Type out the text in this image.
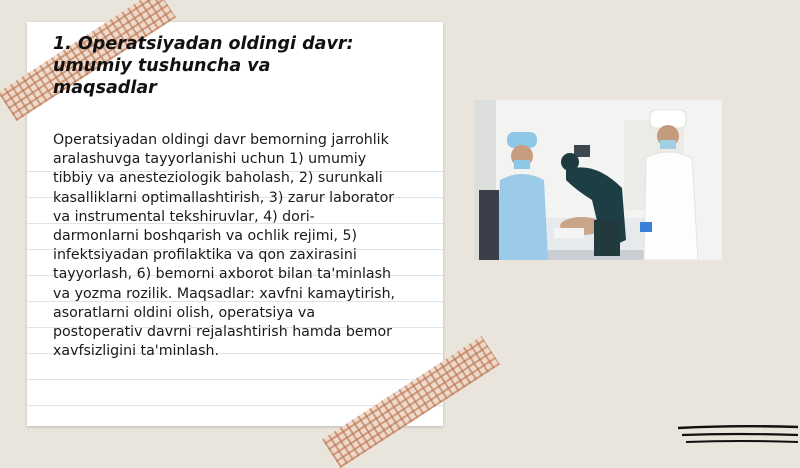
1. Operatsiyadan oldingi davr:
umumiy tushuncha va maqsadlar
Operatsiyadan oldingi davr bemorning jarrohlik aralashuvga tayyorlanishi uchun 1) umumiy tibbiy va anesteziologik baholash, 2) surunkali kasalliklarni optimallashtirish, 3) zarur laborator va instrumental tekshiruvlar, 4) dori-darmonlarni boshqarish va ochlik rejimi, 5) infektsiyadan profilaktika va qon zaxirasini tayyorlash, 6) bemorni axborot bilan ta'minlash va yozma rozilik. Maqsadlar: xavfni kamaytirish, asoratlarni oldini olish, operatsiya va postoperativ davrni rejalashtirish hamda bemor xavfsizligini ta'minlash.
